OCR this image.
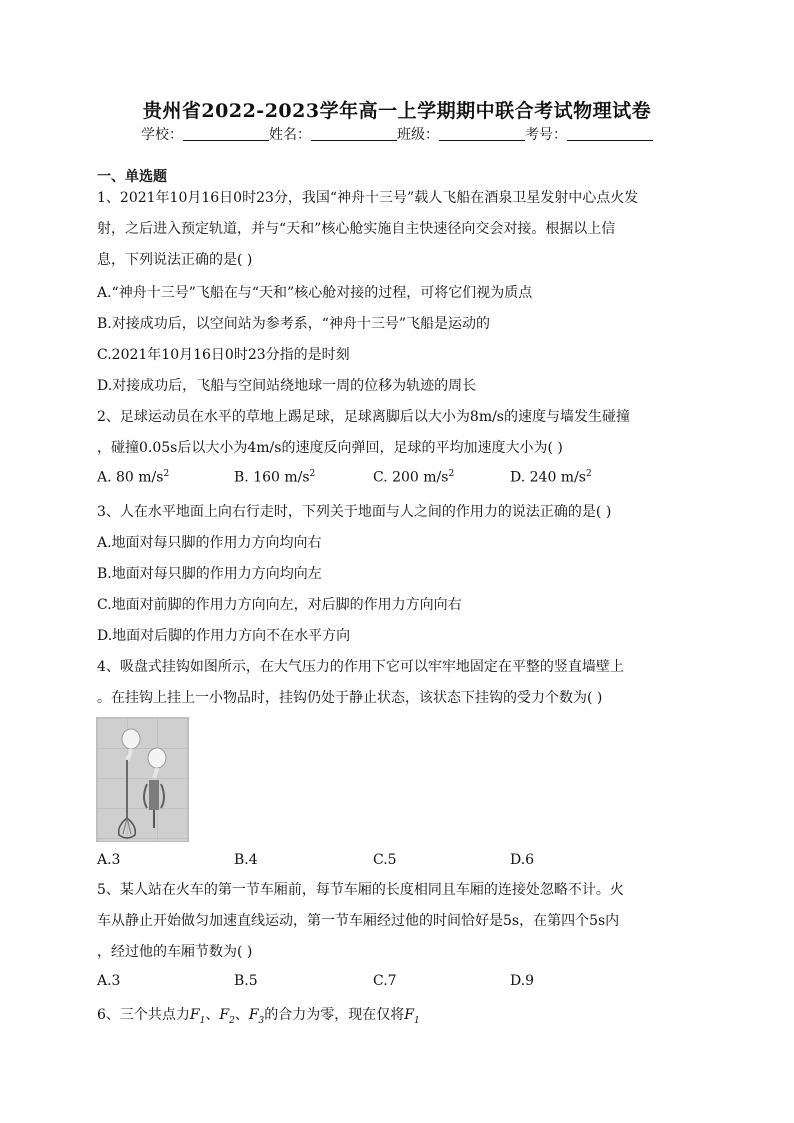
贵州省2022-2023学年高一上学期期中联合考试物理试卷
学校：	姓名：	班级：	考号：
一、单选题
1、2021年10月16日0时23分，我国“神舟十三号”载人飞船在酒泉卫星发射中心点火发
射，之后进入预定轨道，并与“天和”核心舱实施自主快速径向交会对接。根据以上信
息，下列说法正确的是( )
A.“神舟十三号”飞船在与“天和”核心舱对接的过程，可将它们视为质点
B.对接成功后，以空间站为参考系，“神舟十三号”飞船是运动的
C.2021年10月16日0时23分指的是时刻
D.对接成功后，飞船与空间站绕地球一周的位移为轨迹的周长
2、足球运动员在水平的草地上踢足球，足球离脚后以大小为8m/s的速度与墙发生碰撞
，碰撞0.05s后以大小为4m/s的速度反向弹回，足球的平均加速度大小为( )
A. 80 $m/s^2$	B. 160 $m/s^2$	C. 200 $m/s^2$	D. 240 $m/s^2$
3、人在水平地面上向右行走时，下列关于地面与人之间的作用力的说法正确的是( )
A.地面对每只脚的作用力方向均向右
B.地面对每只脚的作用力方向均向左
C.地面对前脚的作用力方向向左，对后脚的作用力方向向右
D.地面对后脚的作用力方向不在水平方向
4、吸盘式挂钩如图所示，在大气压力的作用下它可以牢牢地固定在平整的竖直墙壁上
。在挂钩上挂上一小物品时，挂钩仍处于静止状态，该状态下挂钩的受力个数为( )
A.3	B.4	C.5	D.6
5、某人站在火车的第一节车厢前，每节车厢的长度相同且车厢的连接处忽略不计。火
车从静止开始做匀加速直线运动，第一节车厢经过他的时间恰好是5s，在第四个5s内
，经过他的车厢节数为( )
A.3	B.5	C.7	D.9
6、三个共点力$F_1$、$F_2$、$F_3$的合力为零，现在仅将$F_1$
